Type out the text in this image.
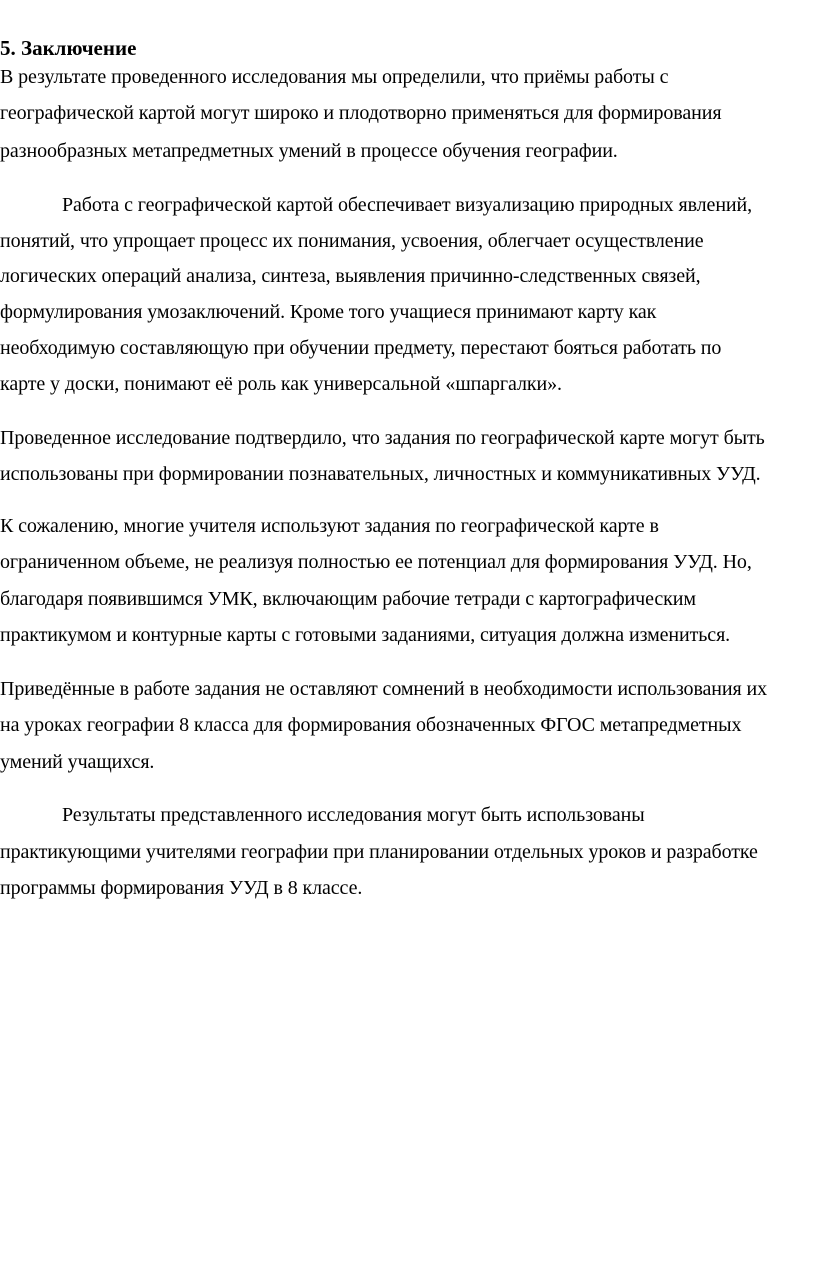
5. Заключение
В результате проведенного исследования мы определили, что приёмы работы с
географической картой могут широко и плодотворно применяться для формирования
разнообразных метапредметных умений в процессе обучения географии.
Работа с географической картой обеспечивает визуализацию природных явлений,
понятий, что упрощает процесс их понимания, усвоения, облегчает осуществление
логических операций анализа, синтеза, выявления причинно-следственных связей,
формулирования умозаключений. Кроме того учащиеся принимают карту как
необходимую составляющую при обучении предмету, перестают бояться работать по
карте у доски, понимают её роль как универсальной «шпаргалки».
Проведенное исследование подтвердило, что задания по географической карте могут быть
использованы при формировании познавательных, личностных и коммуникативных УУД.
К сожалению, многие учителя используют задания по географической карте в
ограниченном объеме, не реализуя полностью ее потенциал для формирования УУД. Но,
благодаря появившимся УМК, включающим рабочие тетради с картографическим
практикумом и контурные карты с готовыми заданиями, ситуация должна измениться.
Приведённые в работе задания не оставляют сомнений в необходимости использования их
на уроках географии 8 класса для формирования обозначенных ФГОС метапредметных
умений учащихся.
Результаты представленного исследования могут быть использованы
практикующими учителями географии при планировании отдельных уроков и разработке
программы формирования УУД в 8 классе.
